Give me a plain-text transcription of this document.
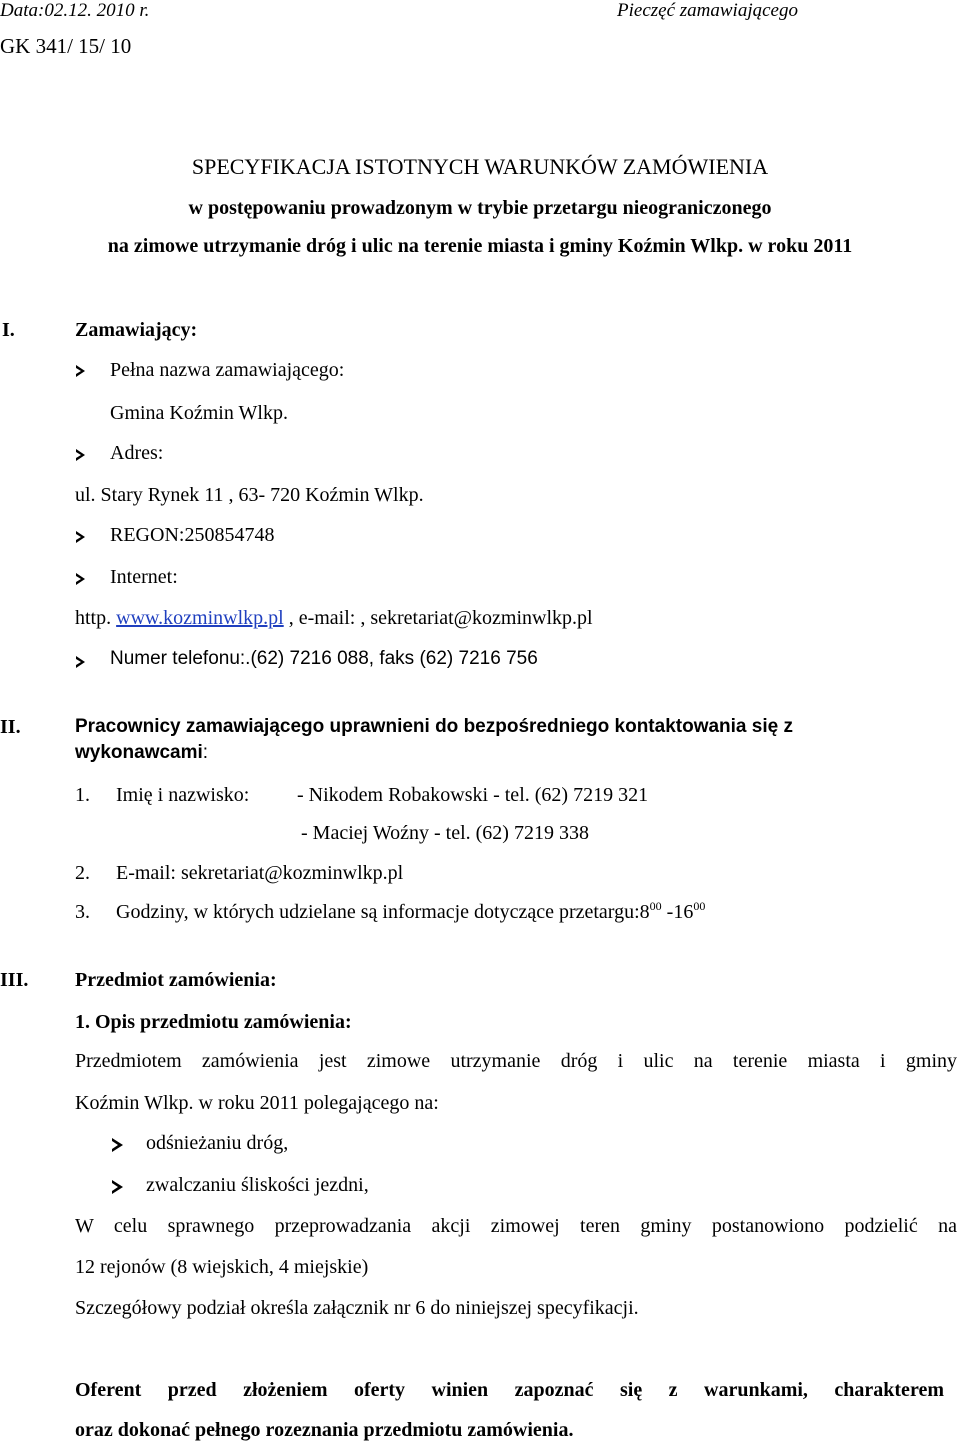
Data:02.12. 2010 r.	Pieczęć zamawiającego
GK 341/ 15/ 10
SPECYFIKACJA ISTOTNYCH WARUNKÓW ZAMÓWIENIA
w postępowaniu prowadzonym w trybie przetargu nieograniczonego
na zimowe utrzymanie dróg i ulic na terenie miasta i gminy Koźmin Wlkp. w roku 2011
I.	Zamawiający:
Pełna nazwa zamawiającego:
Gmina Koźmin Wlkp.
Adres:
ul. Stary Rynek 11 , 63- 720 Koźmin Wlkp.
REGON:250854748
Internet:
http. www.kozminwlkp.pl , e-mail: , sekretariat@kozminwlkp.pl
Numer telefonu:.(62) 7216 088, faks (62) 7216 756
II.	Pracownicy zamawiającego uprawnieni do bezpośredniego kontaktowania się z
wykonawcami:
1. Imię i nazwisko: - Nikodem Robakowski - tel. (62) 7219 321
- Maciej Woźny - tel. (62) 7219 338
2. E-mail: sekretariat@kozminwlkp.pl
3. Godziny, w których udzielane są informacje dotyczące $przetargu:8^{00}$ $-16^{00}$
III. Przedmiot zamówienia:
1. Opis przedmiotu zamówienia:
Przedmiotem zamówienia jest zimowe utrzymanie dróg i ulic na terenie miasta i gminy
Koźmin Wlkp. w roku 2011 polegającego na:
odśnieżaniu dróg,
zwalczaniu śliskości jezdni,
W celu sprawnego przeprowadzania akcji zimowej teren gminy postanowiono podzielić na
12 rejonów (8 wiejskich, 4 miejskie)
Szczegółowy podział określa załącznik nr 6 do niniejszej specyfikacji.
Oferent przed złożeniem oferty winien zapoznać się z warunkami, charakterem
oraz dokonać pełnego rozeznania przedmiotu zamówienia.
